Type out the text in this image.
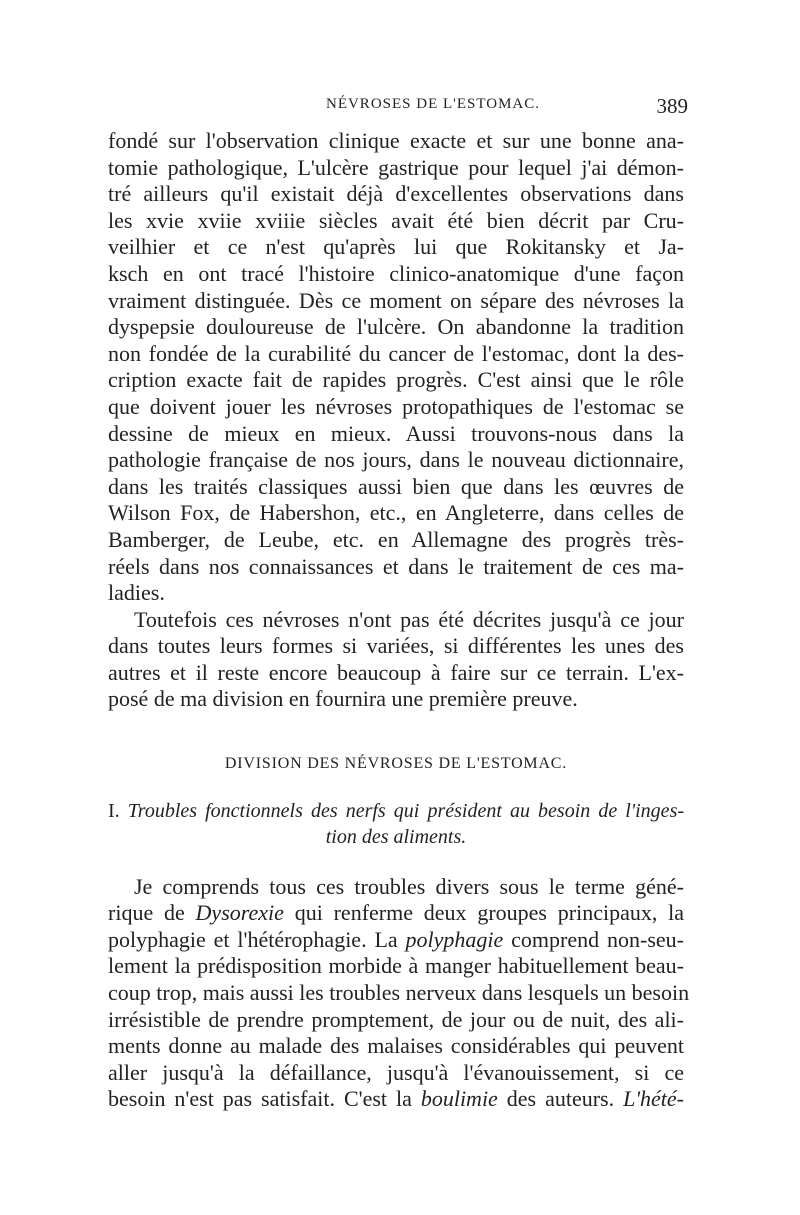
NÉVROSES DE L'ESTOMAC.	389
fondé sur l'observation clinique exacte et sur une bonne ana-
tomie pathologique, L'ulcère gastrique pour lequel j'ai démon-
tré ailleurs qu'il existait déjà d'excellentes observations dans
les xvie xviie xviiie siècles avait été bien décrit par Cru-
veilhier et ce n'est qu'après lui que Rokitansky et Ja-
ksch en ont tracé l'histoire clinico-anatomique d'une façon
vraiment distinguée. Dès ce moment on sépare des névroses la
dyspepsie douloureuse de l'ulcère. On abandonne la tradition
non fondée de la curabilité du cancer de l'estomac, dont la des-
cription exacte fait de rapides progrès. C'est ainsi que le rôle
que doivent jouer les névroses protopathiques de l'estomac se
dessine de mieux en mieux. Aussi trouvons-nous dans la
pathologie française de nos jours, dans le nouveau dictionnaire,
dans les traités classiques aussi bien que dans les œuvres de
Wilson Fox, de Habershon, etc., en Angleterre, dans celles de
Bamberger, de Leube, etc. en Allemagne des progrès très-
réels dans nos connaissances et dans le traitement de ces ma-
ladies.
Toutefois ces névroses n'ont pas été décrites jusqu'à ce jour
dans toutes leurs formes si variées, si différentes les unes des
autres et il reste encore beaucoup à faire sur ce terrain. L'ex-
posé de ma division en fournira une première preuve.
DIVISION DES NÉVROSES DE L'ESTOMAC.
I. Troubles fonctionnels des nerfs qui président au besoin de l'inges-
tion des aliments.
Je comprends tous ces troubles divers sous le terme géné-
rique de Dysorexie qui renferme deux groupes principaux, la
polyphagie et l'hétérophagie. La polyphagie comprend non-seu-
lement la prédisposition morbide à manger habituellement beau-
coup trop, mais aussi les troubles nerveux dans lesquels un besoin
irrésistible de prendre promptement, de jour ou de nuit, des ali-
ments donne au malade des malaises considérables qui peuvent
aller jusqu'à la défaillance, jusqu'à l'évanouissement, si ce
besoin n'est pas satisfait. C'est la boulimie des auteurs. L'hété-
